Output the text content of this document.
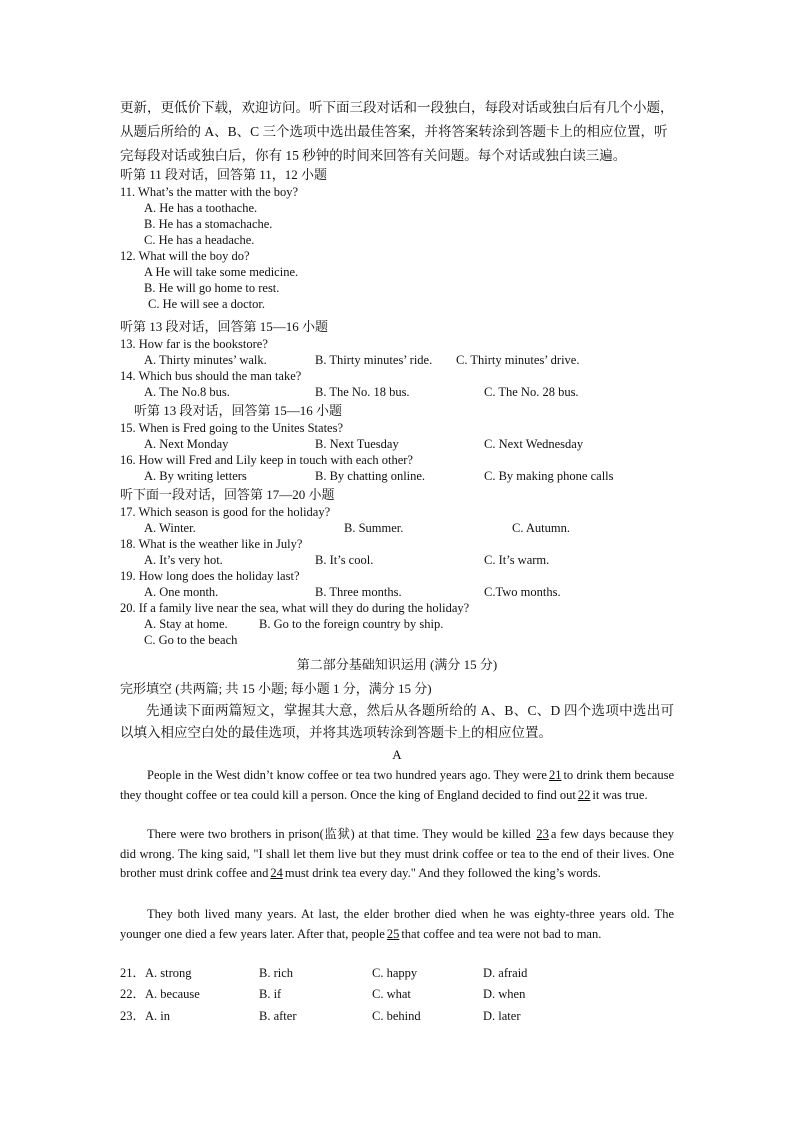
更新，更低价下载，欢迎访问。听下面三段对话和一段独白，每段对话或独白后有几个小题，从题后所给的 A、B、C 三个选项中选出最佳答案，并将答案转涂到答题卡上的相应位置，听完每段对话或独白后，你有 15 秒钟的时间来回答有关问题。每个对话或独白读三遍。
听第 11 段对话，回答第 11，12 小题
11. What’s the matter with the boy?
A. He has a toothache.
B. He has a stomachache.
C. He has a headache.
12. What will the boy do?
A He will take some medicine.
B. He will go home to rest.
C. He will see a doctor.
听第 13 段对话，回答第 15—16 小题
13. How far is the bookstore?
A. Thirty minutes’ walk.	B. Thirty minutes’ ride. C. Thirty minutes’ drive.
14. Which bus should the man take?
A. The No.8 bus.	B. The No. 18 bus.	C. The No. 28 bus.
听第 13 段对话，回答第 15—16 小题
15. When is Fred going to the Unites States?
A. Next Monday	B. Next Tuesday	C. Next Wednesday
16. How will Fred and Lily keep in touch with each other?
A. By writing letters	B. By chatting online.	C. By making phone calls
听下面一段对话，回答第 17—20 小题
17. Which season is good for the holiday?
A. Winter.	B. Summer.	C. Autumn.
18. What is the weather like in July?
A. It’s very hot.	B. It’s cool.	C. It’s warm.
19. How long does the holiday last?
A. One month.	B. Three months.	C.Two months.
20. If a family live near the sea, what will they do during the holiday?
A. Stay at home.	B. Go to the foreign country by ship.
C. Go to the beach
第二部分基础知识运用 (满分 15 分)
完形填空 (共两篇; 共 15 小题; 每小题 1 分，满分 15 分)
先通读下面两篇短文，掌握其大意，然后从各题所给的 A、B、C、D 四个选项中选出可以填入相应空白处的最佳选项，并将其选项转涂到答题卡上的相应位置。
A
People in the West didn’t know coffee or tea two hundred years ago. They were 21 to drink them because they thought coffee or tea could kill a person. Once the king of England decided to find out 22 it was true.
There were two brothers in prison(监狱) at that time. They would be killed 23 a few days because they did wrong. The king said, "I shall let them live but they must drink coffee or tea to the end of their lives. One brother must drink coffee and 24 must drink tea every day." And they followed the king’s words.
They both lived many years. At last, the elder brother died when he was eighty-three years old. The younger one died a few years later. After that, people 25 that coffee and tea were not bad to man.
21．A. strong	B. rich	C. happy	D. afraid
22．A. because	B. if	C. what	D. when
23．A. in	B. after	C. behind	D. later
